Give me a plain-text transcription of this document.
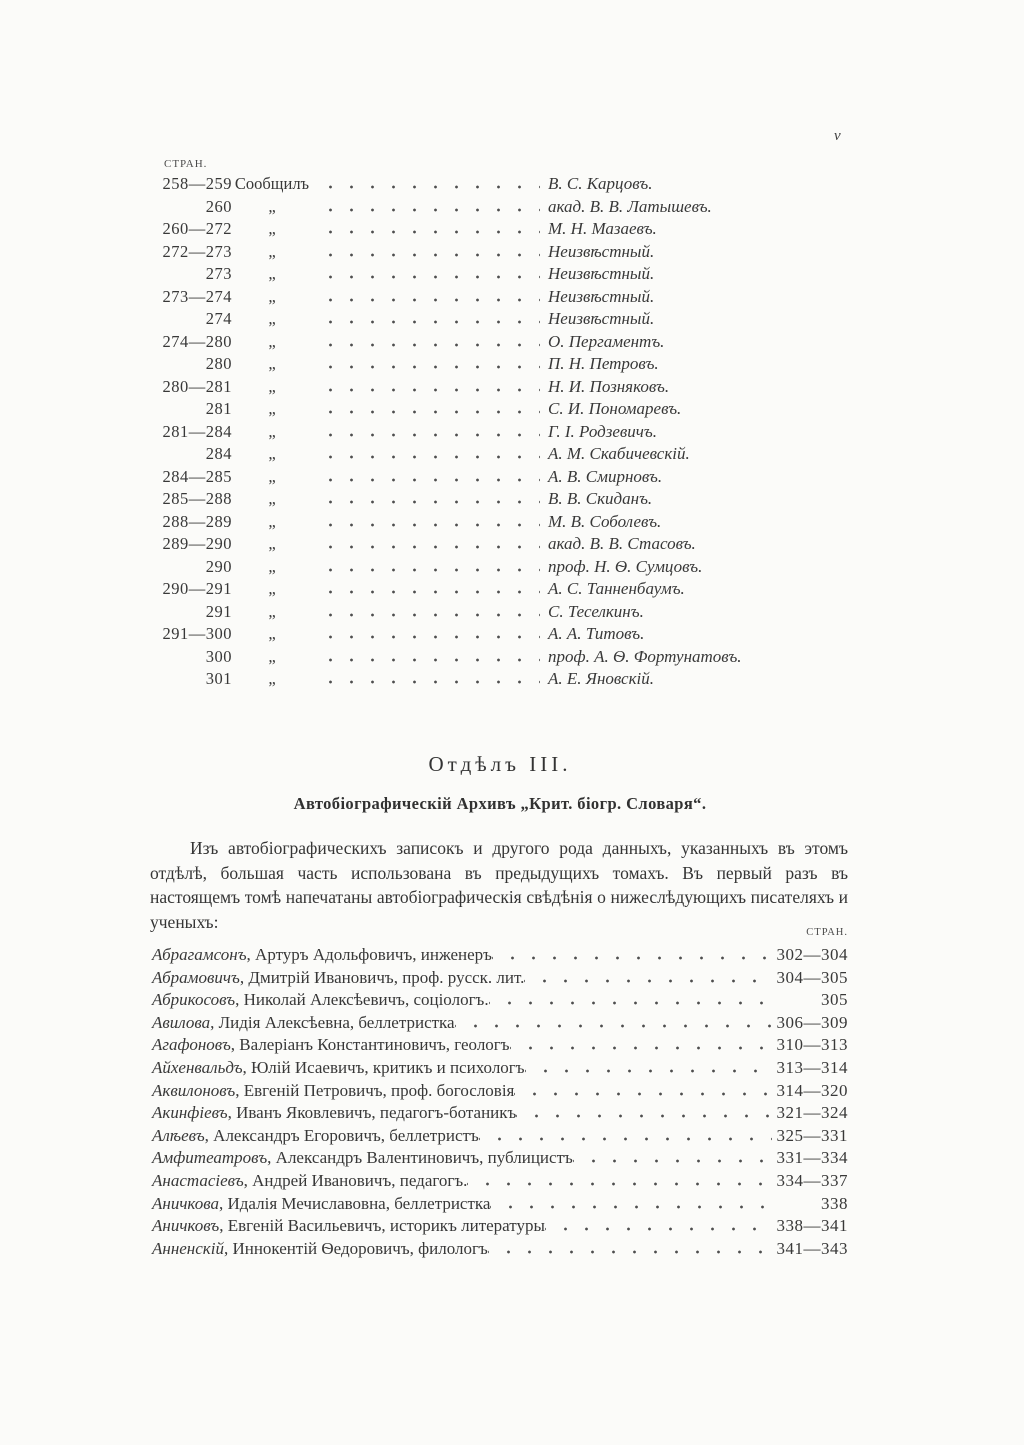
v
СТРАН.
258—259 Сообщилъ	В. С. Карцовъ.
260	„	акад. В. В. Латышевъ.
260—272	„	М. Н. Мазаевъ.
272—273	„	Неизвѣстный.
273	„	Неизвѣстный.
273—274	„	Неизвѣстный.
274	„	Неизвѣстный.
274—280	„	О. Пергаментъ.
280	„	П. Н. Петровъ.
280—281	„	Н. И. Позняковъ.
281	„	С. И. Пономаревъ.
281—284	„	Г. І. Родзевичъ.
284	„	А. М. Скабичевскій.
284—285	„	А. В. Смирновъ.
285—288	„	В. В. Скиданъ.
288—289	„	М. В. Соболевъ.
289—290	„	акад. В. В. Стасовъ.
290	„	проф. Н. Ѳ. Сумцовъ.
290—291	„	А. С. Танненбаумъ.
291	„	С. Теселкинъ.
291—300	„	А. А. Титовъ.
300	„	проф. А. Ѳ. Фортунатовъ.
301	„	А. Е. Яновскій.
Отдѣлъ III.
Автобіографическій Архивъ „Крит. біогр. Словаря“.
Изъ автобіографическихъ записокъ и другого рода данныхъ, указанныхъ въ этомъ отдѣлѣ, большая часть использована въ предыдущихъ томахъ. Въ первый разъ въ настоящемъ томѣ напечатаны автобіографическія свѣдѣнія о нижеслѣдующихъ писателяхъ и ученыхъ:
СТРАН.
Абрагамсонъ, Артуръ Адольфовичъ, инженеръ	302—304
Абрамовичъ, Дмитрій Ивановичъ, проф. русск. лит.	304—305
Абрикосовъ, Николай Алексѣевичъ, соціологъ.	305
Авилова, Лидія Алексѣевна, беллетристка	306—309
Агафоновъ, Валеріанъ Константиновичъ, геологъ	310—313
Айхенвальдъ, Юлій Исаевичъ, критикъ и психологъ	313—314
Аквилоновъ, Евгеній Петровичъ, проф. богословія	314—320
Акинфіевъ, Иванъ Яковлевичъ, педагогъ-ботаникъ	321—324
Алѣевъ, Александръ Егоровичъ, беллетристъ	325—331
Амфитеатровъ, Александръ Валентиновичъ, публицистъ	331—334
Анастасіевъ, Андрей Ивановичъ, педагогъ.	334—337
Аничкова, Идалія Мечиславовна, беллетристка	338
Аничковъ, Евгеній Васильевичъ, историкъ литературы	338—341
Анненскій, Иннокентій Ѳедоровичъ, филологъ	341—343
